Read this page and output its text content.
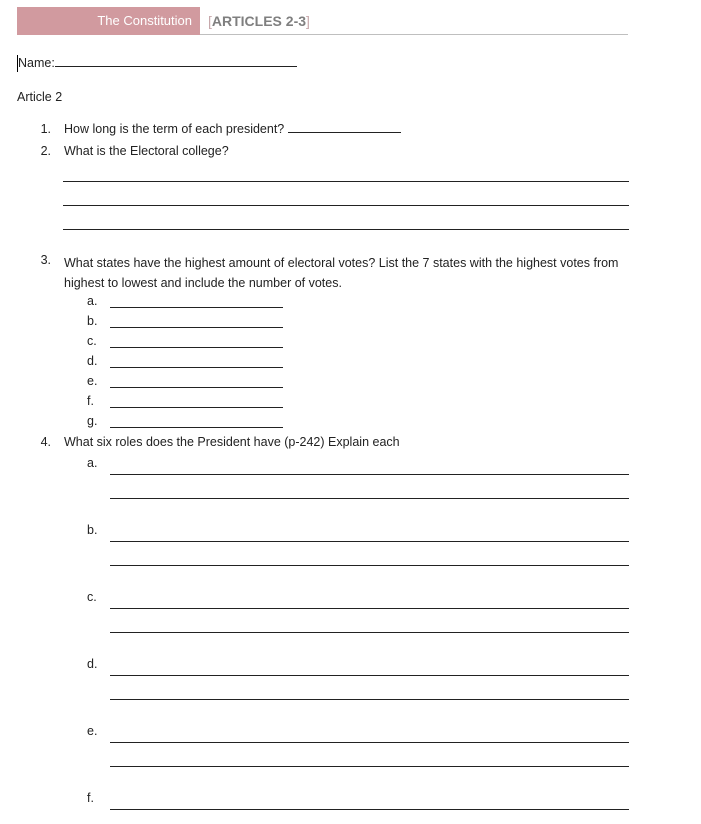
The Constitution	[ARTICLES 2-3]
Name:
Article 2
1. How long is the term of each president?
2. What is the Electoral college?
3. What states have the highest amount of electoral votes? List the 7 states with the highest votes from highest to lowest and include the number of votes.
a.
b.
c.
d.
e.
f.
g.
4. What six roles does the President have (p-242) Explain each
a.
b.
c.
d.
e.
f.
